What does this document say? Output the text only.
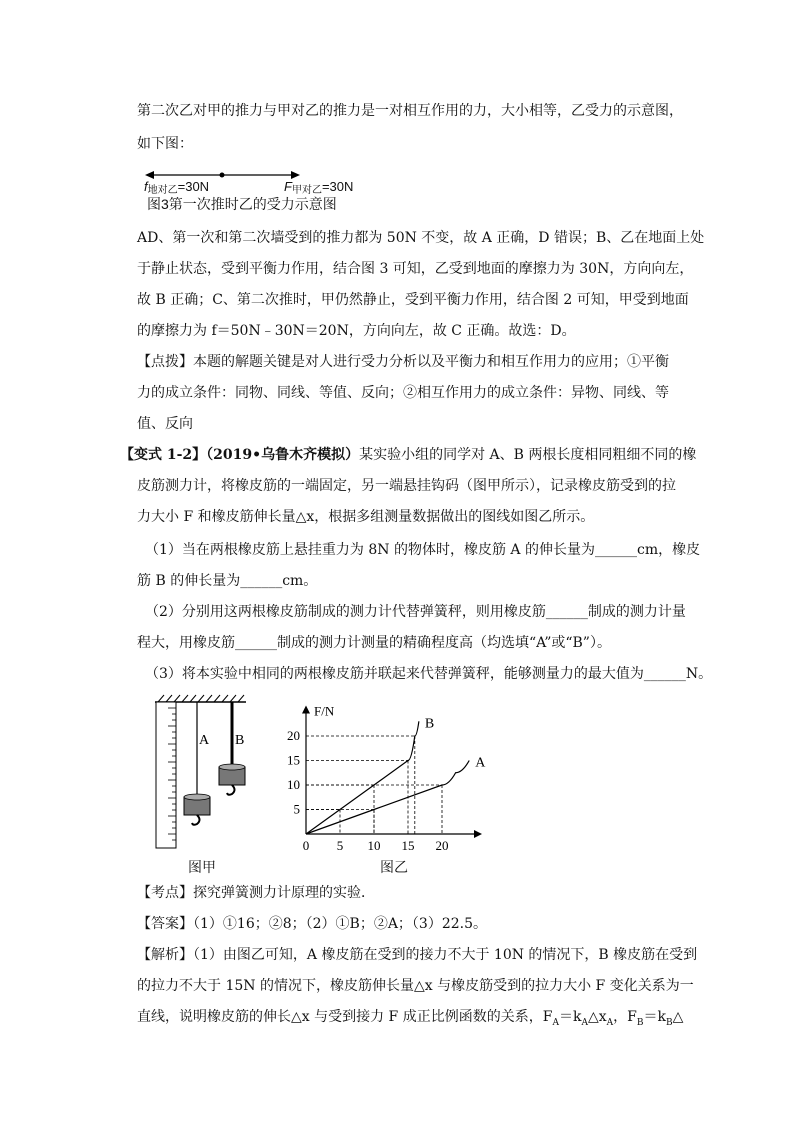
第二次乙对甲的推力与甲对乙的推力是一对相互作用的力，大小相等，乙受力的示意图，
如下图：
f地对乙=30N	F甲对乙=30N
图3第一次推时乙的受力示意图
AD、第一次和第二次墙受到的推力都为 50N 不变，故 A 正确，D 错误；B、乙在地面上处
于静止状态，受到平衡力作用，结合图 3 可知，乙受到地面的摩擦力为 30N，方向向左，
故 B 正确；C、第二次推时，甲仍然静止，受到平衡力作用，结合图 2 可知，甲受到地面
的摩擦力为 f＝50N﹣30N＝20N，方向向左，故 C 正确。故选：D。
【点拨】本题的解题关键是对人进行受力分析以及平衡力和相互作用力的应用；①平衡
力的成立条件：同物、同线、等值、反向；②相互作用力的成立条件：异物、同线、等
值、反向
【变式 1-2】（2019•乌鲁木齐模拟）某实验小组的同学对 A、B 两根长度相同粗细不同的橡
皮筋测力计，将橡皮筋的一端固定，另一端悬挂钩码（图甲所示），记录橡皮筋受到的拉
力大小 F 和橡皮筋伸长量△x，根据多组测量数据做出的图线如图乙所示。
（1）当在两根橡皮筋上悬挂重力为 8N 的物体时，橡皮筋 A 的伸长量为______cm，橡皮
筋 B 的伸长量为______cm。
（2）分别用这两根橡皮筋制成的测力计代替弹簧秤，则用橡皮筋______制成的测力计量
程大，用橡皮筋______制成的测力计测量的精确程度高（均选填“A”或“B”）。
（3）将本实验中相同的两根橡皮筋并联起来代替弹簧秤，能够测量力的最大值为______N。
A B
图甲
F/N
0 5 10 15 20
5
10
15
20
B
A
图乙
【考点】探究弹簧测力计原理的实验．
【答案】（1）①16；②8；（2）①B；②A；（3）22.5。
【解析】（1）由图乙可知，A 橡皮筋在受到的接力不大于 10N 的情况下，B 橡皮筋在受到
的拉力不大于 15N 的情况下，橡皮筋伸长量△x 与橡皮筋受到的拉力大小 F 变化关系为一
直线，说明橡皮筋的伸长△x 与受到接力 F 成正比例函数的关系，$F_A=k_A\triangle x_A$，$F_B=k_B\triangle$
